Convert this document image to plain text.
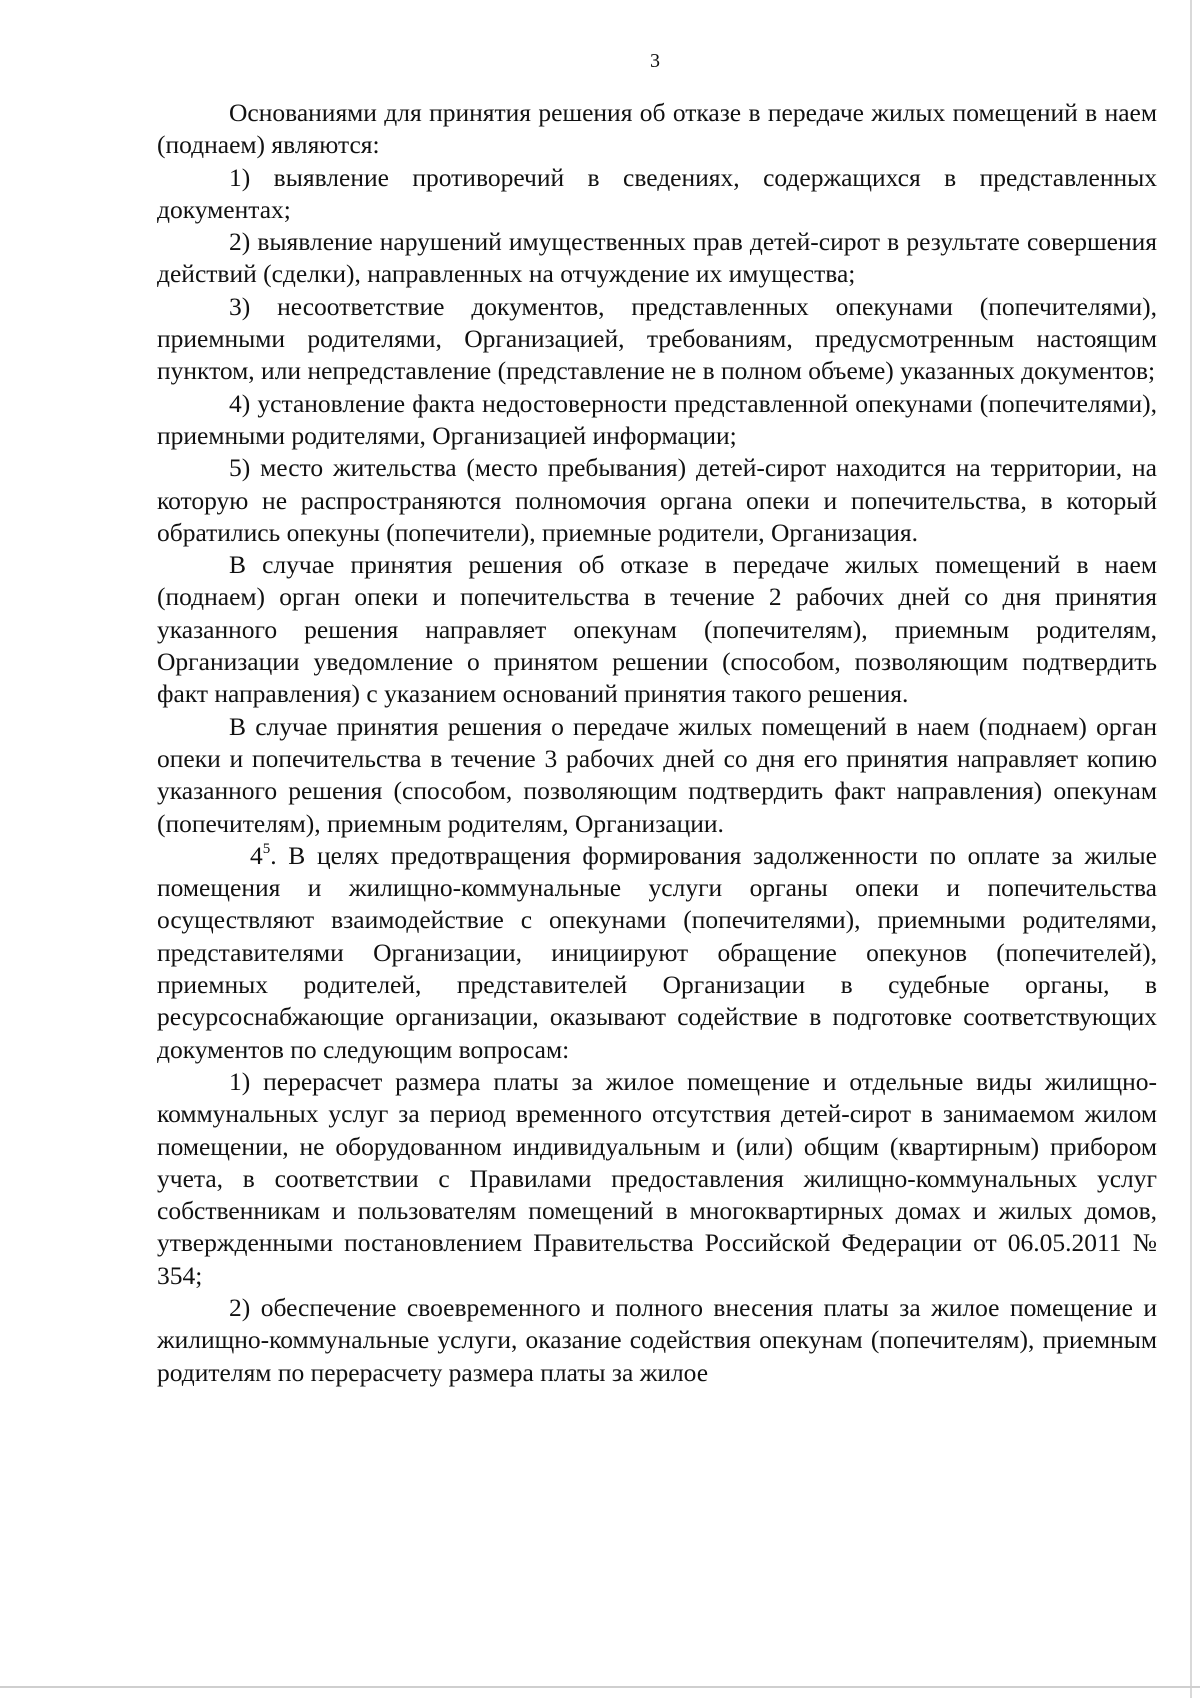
3

Основаниями для принятия решения об отказе в передаче жилых помещений в наем (поднаем) являются:

1) выявление противоречий в сведениях, содержащихся в представленных документах;

2) выявление нарушений имущественных прав детей-сирот в результате совершения действий (сделки), направленных на отчуждение их имущества;

3) несоответствие документов, представленных опекунами (попечителями), приемными родителями, Организацией, требованиям, предусмотренным настоящим пунктом, или непредставление (представление не в полном объеме) указанных документов;

4) установление факта недостоверности представленной опекунами (попечителями), приемными родителями, Организацией информации;

5) место жительства (место пребывания) детей-сирот находится на территории, на которую не распространяются полномочия органа опеки и попечительства, в который обратились опекуны (попечители), приемные родители, Организация.

В случае принятия решения об отказе в передаче жилых помещений в наем (поднаем) орган опеки и попечительства в течение 2 рабочих дней со дня принятия указанного решения направляет опекунам (попечителям), приемным родителям, Организации уведомление о принятом решении (способом, позволяющим подтвердить факт направления) с указанием оснований принятия такого решения.

В случае принятия решения о передаче жилых помещений в наем (поднаем) орган опеки и попечительства в течение 3 рабочих дней со дня его принятия направляет копию указанного решения (способом, позволяющим подтвердить факт направления) опекунам (попечителям), приемным родителям, Организации.

$4^5$. В целях предотвращения формирования задолженности по оплате за жилые помещения и жилищно-коммунальные услуги органы опеки и попечительства осуществляют взаимодействие с опекунами (попечителями), приемными родителями, представителями Организации, инициируют обращение опекунов (попечителей), приемных родителей, представителей Организации в судебные органы, в ресурсоснабжающие организации, оказывают содействие в подготовке соответствующих документов по следующим вопросам:

1) перерасчет размера платы за жилое помещение и отдельные виды жилищно-коммунальных услуг за период временного отсутствия детей-сирот в занимаемом жилом помещении, не оборудованном индивидуальным и (или) общим (квартирным) прибором учета, в соответствии с Правилами предоставления жилищно-коммунальных услуг собственникам и пользователям помещений в многоквартирных домах и жилых домов, утвержденными постановлением Правительства Российской Федерации от 06.05.2011 № 354;

2) обеспечение своевременного и полного внесения платы за жилое помещение и жилищно-коммунальные услуги, оказание содействия опекунам (попечителям), приемным родителям по перерасчету размера платы за жилое
